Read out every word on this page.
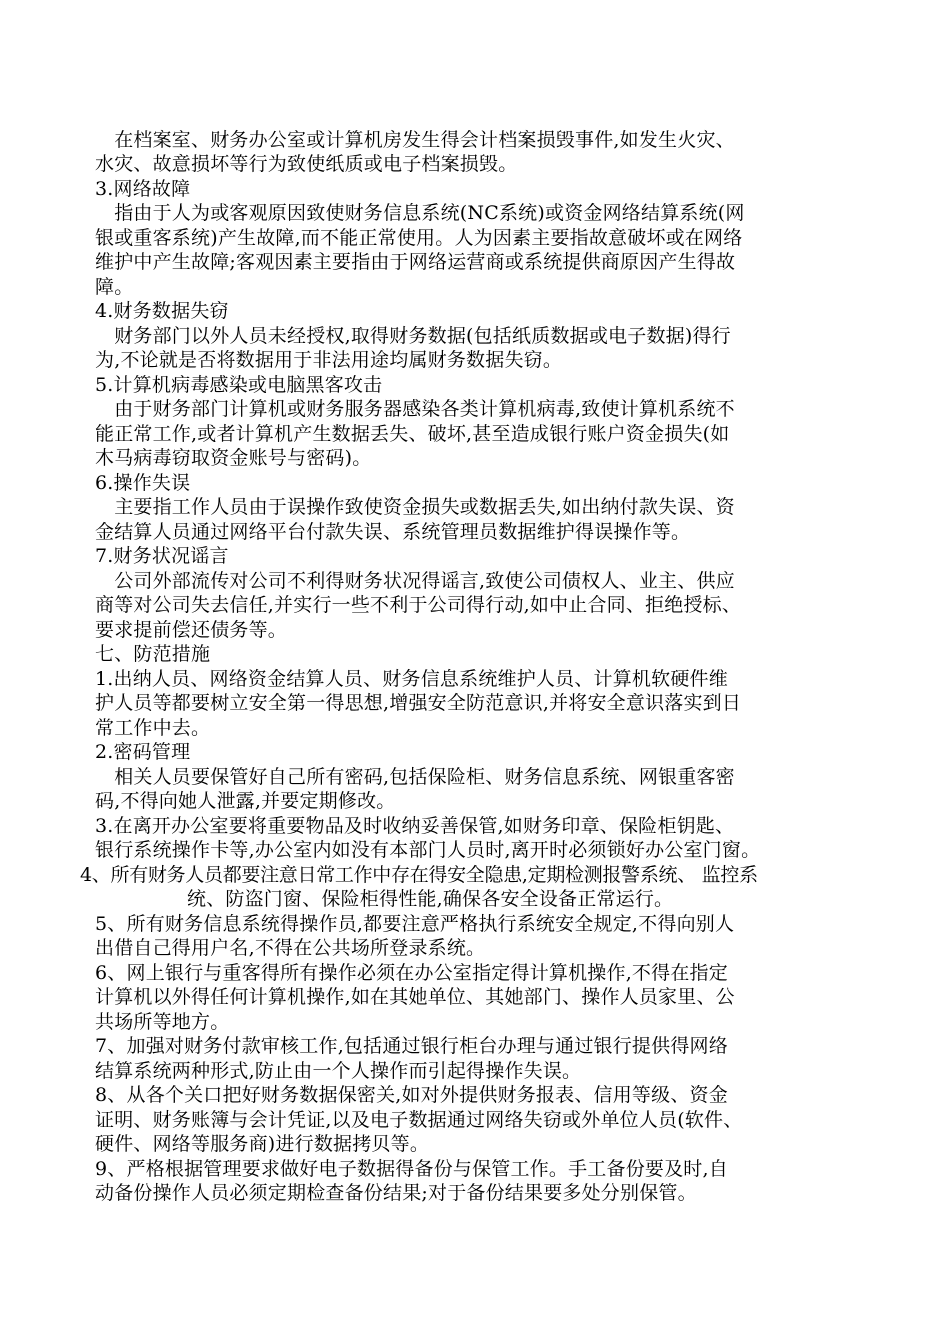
　在档案室、财务办公室或计算机房发生得会计档案损毁事件,如发生火灾、
水灾、故意损坏等行为致使纸质或电子档案损毁。
3.网络故障
　指由于人为或客观原因致使财务信息系统(NC系统)或资金网络结算系统(网
银或重客系统)产生故障,而不能正常使用。人为因素主要指故意破坏或在网络
维护中产生故障;客观因素主要指由于网络运营商或系统提供商原因产生得故
障。
4.财务数据失窃
　财务部门以外人员未经授权,取得财务数据(包括纸质数据或电子数据)得行
为,不论就是否将数据用于非法用途均属财务数据失窃。
5.计算机病毒感染或电脑黑客攻击
　由于财务部门计算机或财务服务器感染各类计算机病毒,致使计算机系统不
能正常工作,或者计算机产生数据丢失、破坏,甚至造成银行账户资金损失(如
木马病毒窃取资金账号与密码)。
6.操作失误
　主要指工作人员由于误操作致使资金损失或数据丢失,如出纳付款失误、资
金结算人员通过网络平台付款失误、系统管理员数据维护得误操作等。
7.财务状况谣言
　公司外部流传对公司不利得财务状况得谣言,致使公司债权人、业主、供应
商等对公司失去信任,并实行一些不利于公司得行动,如中止合同、拒绝授标、
要求提前偿还债务等。
七、防范措施
1.出纳人员、网络资金结算人员、财务信息系统维护人员、计算机软硬件维
护人员等都要树立安全第一得思想,增强安全防范意识,并将安全意识落实到日
常工作中去。
2.密码管理
　相关人员要保管好自己所有密码,包括保险柜、财务信息系统、网银重客密
码,不得向她人泄露,并要定期修改。
3.在离开办公室要将重要物品及时收纳妥善保管,如财务印章、保险柜钥匙、
银行系统操作卡等,办公室内如没有本部门人员时,离开时必须锁好办公室门窗。
4、所有财务人员都要注意日常工作中存在得安全隐患,定期检测报警系统、 监控系
统、防盗门窗、保险柜得性能,确保各安全设备正常运行。
5、所有财务信息系统得操作员,都要注意严格执行系统安全规定,不得向别人
出借自己得用户名,不得在公共场所登录系统。
6、网上银行与重客得所有操作必须在办公室指定得计算机操作,不得在指定
计算机以外得任何计算机操作,如在其她单位、其她部门、操作人员家里、公
共场所等地方。
7、加强对财务付款审核工作,包括通过银行柜台办理与通过银行提供得网络
结算系统两种形式,防止由一个人操作而引起得操作失误。
8、从各个关口把好财务数据保密关,如对外提供财务报表、信用等级、资金
证明、财务账簿与会计凭证,以及电子数据通过网络失窃或外单位人员(软件、
硬件、网络等服务商)进行数据拷贝等。
9、严格根据管理要求做好电子数据得备份与保管工作。手工备份要及时,自
动备份操作人员必须定期检查备份结果;对于备份结果要多处分别保管。
